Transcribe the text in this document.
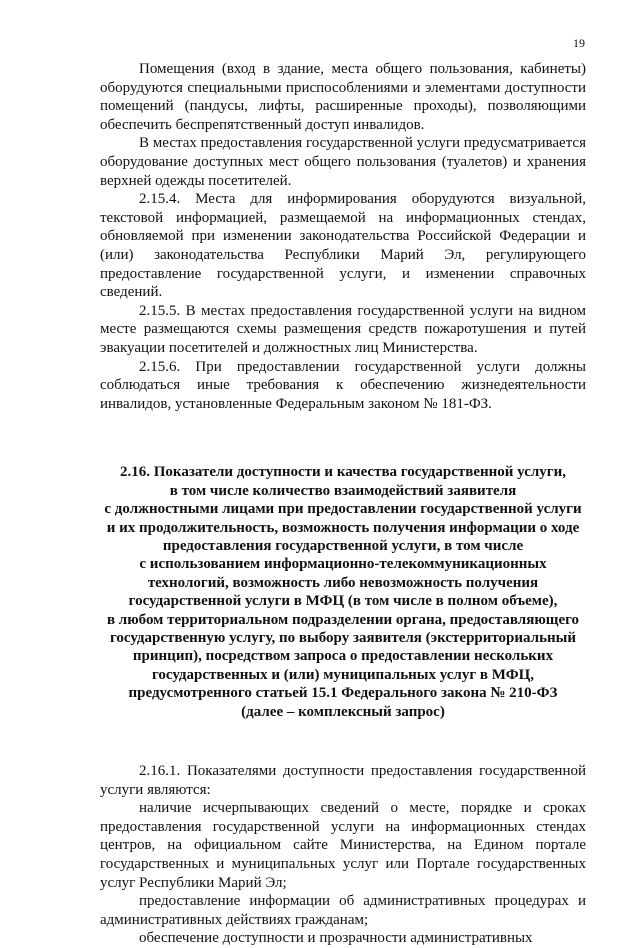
19

Помещения (вход в здание, места общего пользования, кабинеты) оборудуются специальными приспособлениями и элементами доступности помещений (пандусы, лифты, расширенные проходы), позволяющими обеспечить беспрепятственный доступ инвалидов.

В местах предоставления государственной услуги предусматривается оборудование доступных мест общего пользования (туалетов) и хранения верхней одежды посетителей.

2.15.4. Места для информирования оборудуются визуальной, текстовой информацией, размещаемой на информационных стендах, обновляемой при изменении законодательства Российской Федерации и (или) законодательства Республики Марий Эл, регулирующего предоставление государственной услуги, и изменении справочных сведений.

2.15.5. В местах предоставления государственной услуги на видном месте размещаются схемы размещения средств пожаротушения и путей эвакуации посетителей и должностных лиц Министерства.

2.15.6. При предоставлении государственной услуги должны соблюдаться иные требования к обеспечению жизнедеятельности инвалидов, установленные Федеральным законом № 181-ФЗ.

2.16. Показатели доступности и качества государственной услуги,
в том числе количество взаимодействий заявителя
с должностными лицами при предоставлении государственной услуги
и их продолжительность, возможность получения информации о ходе
предоставления государственной услуги, в том числе
с использованием информационно-телекоммуникационных
технологий, возможность либо невозможность получения
государственной услуги в МФЦ (в том числе в полном объеме),
в любом территориальном подразделении органа, предоставляющего
государственную услугу, по выбору заявителя (экстерриториальный
принцип), посредством запроса о предоставлении нескольких
государственных и (или) муниципальных услуг в МФЦ,
предусмотренного статьей 15.1 Федерального закона № 210-ФЗ
(далее – комплексный запрос)

2.16.1. Показателями доступности предоставления государственной услуги являются:

наличие исчерпывающих сведений о месте, порядке и сроках предоставления государственной услуги на информационных стендах центров, на официальном сайте Министерства, на Едином портале государственных и муниципальных услуг или Портале государственных услуг Республики Марий Эл;

предоставление информации об административных процедурах и административных действиях гражданам;

обеспечение доступности и прозрачности административных
